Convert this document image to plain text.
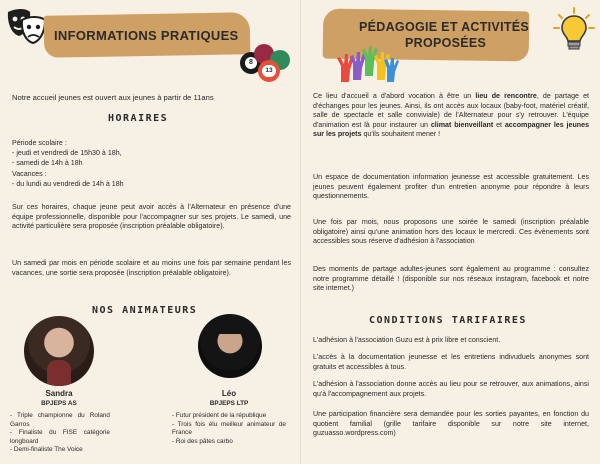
INFORMATIONS PRATIQUES
8
13
Notre accueil jeunes est ouvert aux jeunes à partir de 11ans
HORAIRES
Période scolaire :
- jeudi et vendredi de 15h30 à 18h,
- samedi de 14h à 18h
Vacances :
- du lundi au vendredi de 14h à 18h
Sur ces horaires, chaque jeune peut avoir accès à l'Alternateur en présence d'une équipe professionnelle, disponible pour l'accompagner sur ses projets. Le samedi, une activité particulière sera proposée (inscription préalable obligatoire).
Un samedi par mois en période scolaire et au moins une fois par semaine pendant les vacances, une sortie sera proposée (inscription préalable obligatoire).
NOS ANIMATEURS
Sandra
BPJEPS AS
- Triple championne du Roland Garros
- Finaliste du FISE catégorie longboard
- Demi-finaliste The Voice
Léo
BPJEPS LTP
- Futur président de la république
- Trois fois élu meilleur animateur de France
- Roi des pâtes carbo
PÉDAGOGIE ET ACTIVITÉS
PROPOSÉES

Ce lieu d'accueil a d'abord vocation à être un lieu de rencontre, de partage et d'échanges pour les jeunes. Ainsi, ils ont accès aux locaux (baby-foot, matériel créatif, salle de spectacle et salle conviviale) de l'Alternateur pour s'y retrouver. L'équipe d'animation est là pour instaurer un climat bienveillant et accompagner les jeunes sur les projets qu'ils souhaitent mener !

Un espace de documentation information jeunesse est accessible gratuitement. Les jeunes peuvent également profiter d'un entretien anonyme pour répondre à leurs questionnements.
Une fois par mois, nous proposons une soirée le samedi (inscription préalable obligatoire) ainsi qu'une animation hors des locaux le mercredi. Ces évènements sont accessibles sous réserve d'adhésion à l'association
Des moments de partage adultes-jeunes sont également au programme : consultez notre programme détaillé ! (disponible sur nos réseaux instagram, facebook et notre site internet.)
CONDITIONS TARIFAIRES
L'adhésion à l'association Guzu est à prix libre et conscient.
L'accès à la documentation jeunesse et les entretiens indivuduels anonymes sont gratuits et accessibles à tous.
L'adhésion à l'association donne accès au lieu pour se retrouver, aux animations, ainsi qu'à l'accompagnement aux projets.
Une participation financière sera demandée pour les sorties payantes, en fonction du quotient familial (grille tarifaire disponible sur notre site internet, guzuasso.wordpress.com)
